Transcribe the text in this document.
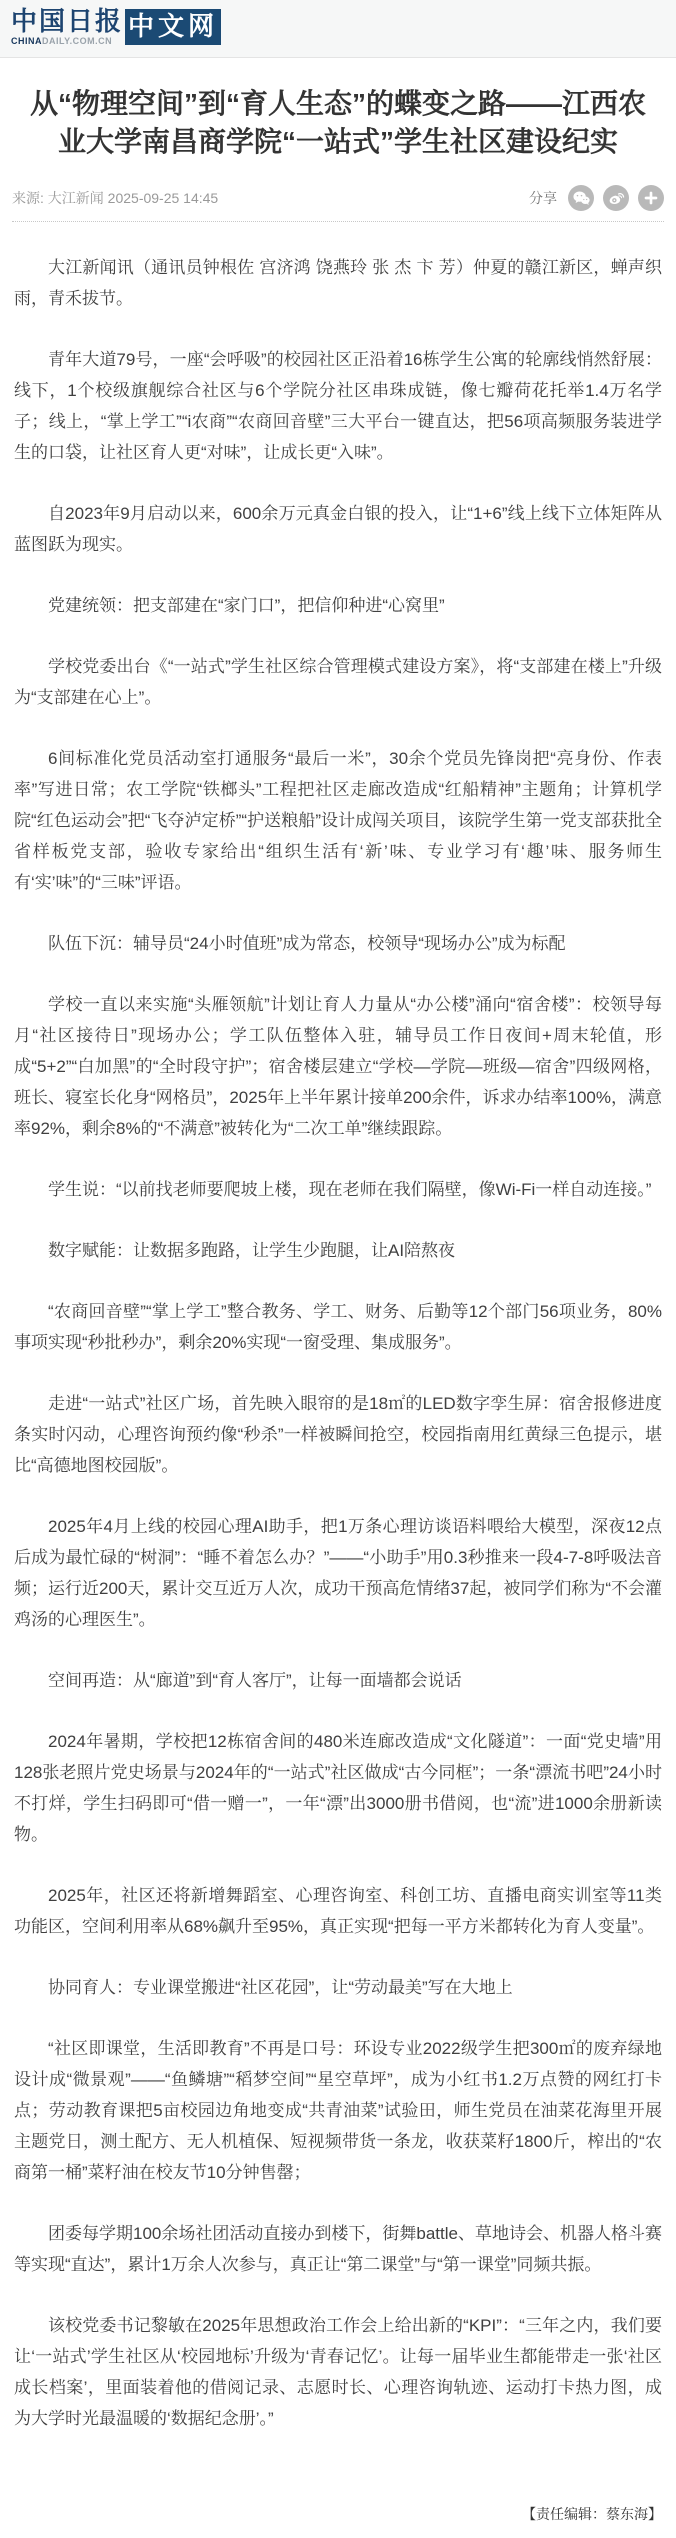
中国日报
CHINADAILY.COM.CN 中文网
从“物理空间”到“育人生态”的蝶变之路——江西农业大学南昌商学院“一站式”学生社区建设纪实
来源: 大江新闻 2025-09-25 14:45	分享

大江新闻讯（通讯员钟根佐 宫济鸿 饶燕玲 张 杰 卞 芳）仲夏的赣江新区，蝉声织雨，青禾拔节。

青年大道79号，一座“会呼吸”的校园社区正沿着16栋学生公寓的轮廓线悄然舒展：线下，1个校级旗舰综合社区与6个学院分社区串珠成链，像七瓣荷花托举1.4万名学子；线上，“掌上学工”“i农商”“农商回音壁”三大平台一键直达，把56项高频服务装进学生的口袋，让社区育人更“对味”，让成长更“入味”。

自2023年9月启动以来，600余万元真金白银的投入，让“1+6”线上线下立体矩阵从蓝图跃为现实。

党建统领：把支部建在“家门口”，把信仰种进“心窝里”

学校党委出台《“一站式”学生社区综合管理模式建设方案》，将“支部建在楼上”升级为“支部建在心上”。

6间标准化党员活动室打通服务“最后一米”，30余个党员先锋岗把“亮身份、作表率”写进日常；农工学院“铁榔头”工程把社区走廊改造成“红船精神”主题角；计算机学院“红色运动会”把“飞夺泸定桥”“护送粮船”设计成闯关项目，该院学生第一党支部获批全省样板党支部，验收专家给出“组织生活有‘新’味、专业学习有‘趣’味、服务师生有‘实’味”的“三味”评语。

队伍下沉：辅导员“24小时值班”成为常态，校领导“现场办公”成为标配

学校一直以来实施“头雁领航”计划让育人力量从“办公楼”涌向“宿舍楼”：校领导每月“社区接待日”现场办公；学工队伍整体入驻，辅导员工作日夜间+周末轮值，形成“5+2”“白加黑”的“全时段守护”；宿舍楼层建立“学校—学院—班级—宿舍”四级网格，班长、寝室长化身“网格员”，2025年上半年累计接单200余件，诉求办结率100%，满意率92%，剩余8%的“不满意”被转化为“二次工单”继续跟踪。

学生说：“以前找老师要爬坡上楼，现在老师在我们隔壁，像Wi-Fi一样自动连接。”

数字赋能：让数据多跑路，让学生少跑腿，让AI陪熬夜

“农商回音壁”“掌上学工”整合教务、学工、财务、后勤等12个部门56项业务，80%事项实现“秒批秒办”，剩余20%实现“一窗受理、集成服务”。

走进“一站式”社区广场，首先映入眼帘的是18㎡的LED数字孪生屏：宿舍报修进度条实时闪动，心理咨询预约像“秒杀”一样被瞬间抢空，校园指南用红黄绿三色提示，堪比“高德地图校园版”。

2025年4月上线的校园心理AI助手，把1万条心理访谈语料喂给大模型，深夜12点后成为最忙碌的“树洞”：“睡不着怎么办？”——“小助手”用0.3秒推来一段4-7-8呼吸法音频；运行近200天，累计交互近万人次，成功干预高危情绪37起，被同学们称为“不会灌鸡汤的心理医生”。

空间再造：从“廊道”到“育人客厅”，让每一面墙都会说话

2024年暑期，学校把12栋宿舍间的480米连廊改造成“文化隧道”：一面“党史墙”用128张老照片党史场景与2024年的“一站式”社区做成“古今同框”；一条“漂流书吧”24小时不打烊，学生扫码即可“借一赠一”，一年“漂”出3000册书借阅，也“流”进1000余册新读物。

2025年，社区还将新增舞蹈室、心理咨询室、科创工坊、直播电商实训室等11类功能区，空间利用率从68%飙升至95%，真正实现“把每一平方米都转化为育人变量”。

协同育人：专业课堂搬进“社区花园”，让“劳动最美”写在大地上

“社区即课堂，生活即教育”不再是口号：环设专业2022级学生把300㎡的废弃绿地设计成“微景观”——“鱼鳞塘”“稻梦空间”“星空草坪”，成为小红书1.2万点赞的网红打卡点；劳动教育课把5亩校园边角地变成“共青油菜”试验田，师生党员在油菜花海里开展主题党日，测土配方、无人机植保、短视频带货一条龙，收获菜籽1800斤，榨出的“农商第一桶”菜籽油在校友节10分钟售罄；

团委每学期100余场社团活动直接办到楼下，街舞battle、草地诗会、机器人格斗赛等实现“直达”，累计1万余人次参与，真正让“第二课堂”与“第一课堂”同频共振。

该校党委书记黎敏在2025年思想政治工作会上给出新的“KPI”：“三年之内，我们要让‘一站式’学生社区从‘校园地标’升级为‘青春记忆’。让每一届毕业生都能带走一张‘社区成长档案’，里面装着他的借阅记录、志愿时长、心理咨询轨迹、运动打卡热力图，成为大学时光最温暖的‘数据纪念册’。”

【责任编辑：蔡东海】
